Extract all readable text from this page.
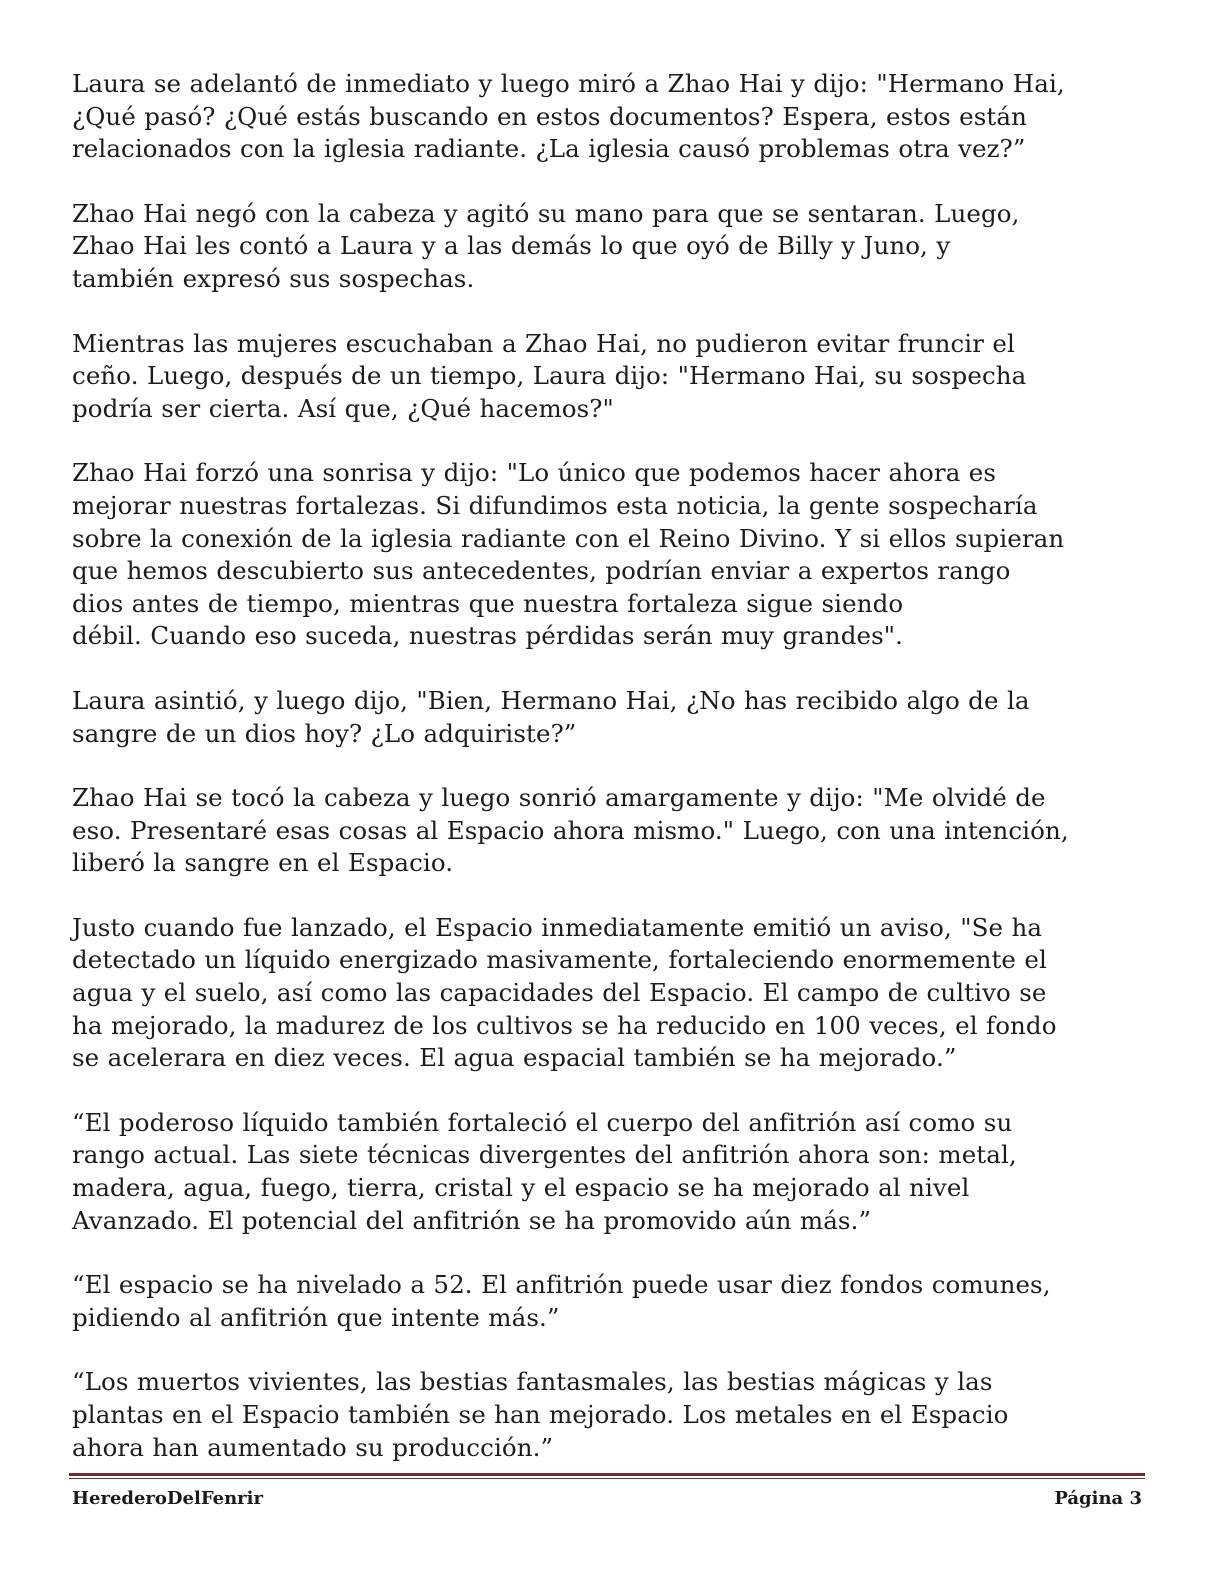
Laura se adelantó de inmediato y luego miró a Zhao Hai y dijo: "Hermano Hai,
¿Qué pasó? ¿Qué estás buscando en estos documentos? Espera, estos están
relacionados con la iglesia radiante. ¿La iglesia causó problemas otra vez?”

Zhao Hai negó con la cabeza y agitó su mano para que se sentaran. Luego,
Zhao Hai les contó a Laura y a las demás lo que oyó de Billy y Juno, y
también expresó sus sospechas.

Mientras las mujeres escuchaban a Zhao Hai, no pudieron evitar fruncir el
ceño. Luego, después de un tiempo, Laura dijo: "Hermano Hai, su sospecha
podría ser cierta. Así que, ¿Qué hacemos?"

Zhao Hai forzó una sonrisa y dijo: "Lo único que podemos hacer ahora es
mejorar nuestras fortalezas. Si difundimos esta noticia, la gente sospecharía
sobre la conexión de la iglesia radiante con el Reino Divino. Y si ellos supieran
que hemos descubierto sus antecedentes, podrían enviar a expertos rango
dios antes de tiempo, mientras que nuestra fortaleza sigue siendo
débil. Cuando eso suceda, nuestras pérdidas serán muy grandes".

Laura asintió, y luego dijo, "Bien, Hermano Hai, ¿No has recibido algo de la
sangre de un dios hoy? ¿Lo adquiriste?”

Zhao Hai se tocó la cabeza y luego sonrió amargamente y dijo: "Me olvidé de
eso. Presentaré esas cosas al Espacio ahora mismo." Luego, con una intención,
liberó la sangre en el Espacio.

Justo cuando fue lanzado, el Espacio inmediatamente emitió un aviso, "Se ha
detectado un líquido energizado masivamente, fortaleciendo enormemente el
agua y el suelo, así como las capacidades del Espacio. El campo de cultivo se
ha mejorado, la madurez de los cultivos se ha reducido en 100 veces, el fondo
se acelerara en diez veces. El agua espacial también se ha mejorado.”

“El poderoso líquido también fortaleció el cuerpo del anfitrión así como su
rango actual. Las siete técnicas divergentes del anfitrión ahora son: metal,
madera, agua, fuego, tierra, cristal y el espacio se ha mejorado al nivel
Avanzado. El potencial del anfitrión se ha promovido aún más.”

“El espacio se ha nivelado a 52. El anfitrión puede usar diez fondos comunes,
pidiendo al anfitrión que intente más.”

“Los muertos vivientes, las bestias fantasmales, las bestias mágicas y las
plantas en el Espacio también se han mejorado. Los metales en el Espacio
ahora han aumentado su producción.”

HerederoDelFenrir	Página 3
